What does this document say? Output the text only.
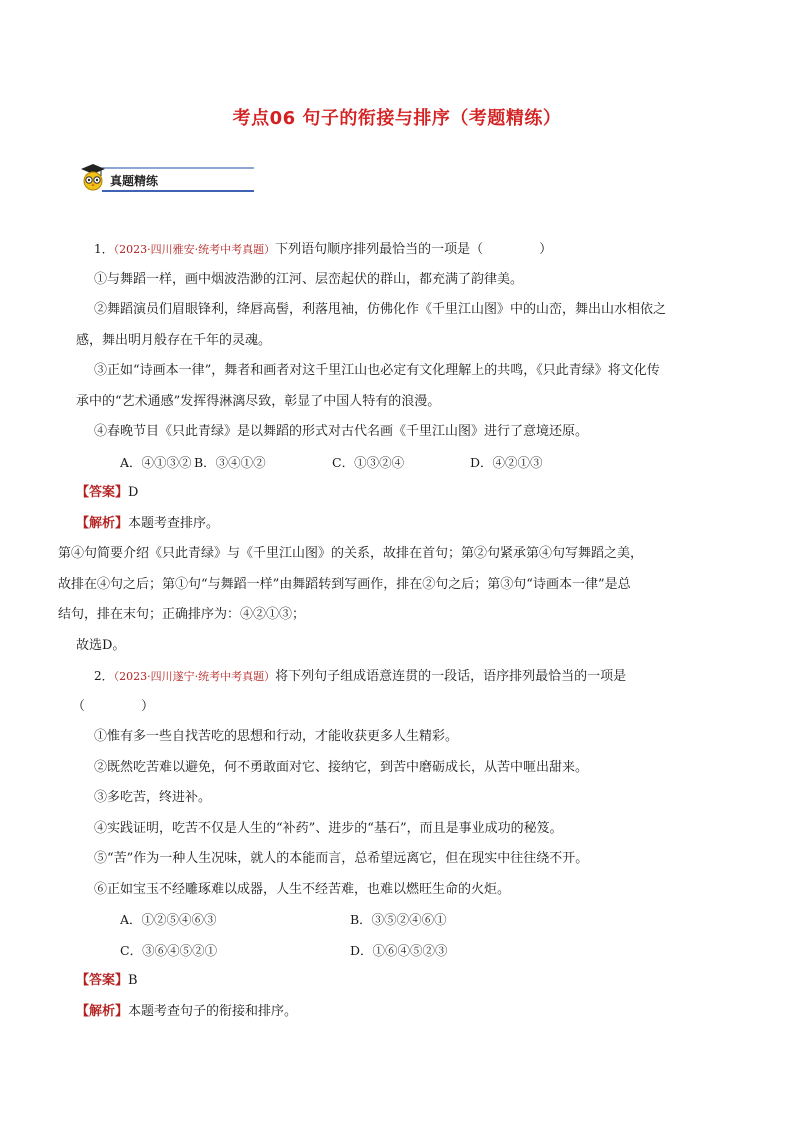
考点06 句子的衔接与排序（考题精练）
真题精练
1．（2023·四川雅安·统考中考真题）下列语句顺序排列最恰当的一项是（	）
①与舞蹈一样，画中烟波浩渺的江河、层峦起伏的群山，都充满了韵律美。
②舞蹈演员们眉眼锋利，绛唇高髻，利落甩袖，仿佛化作《千里江山图》中的山峦，舞出山水相依之
感，舞出明月般存在千年的灵魂。
③正如“诗画本一律”，舞者和画者对这千里江山也必定有文化理解上的共鸣，《只此青绿》将文化传
承中的“艺术通感”发挥得淋漓尽致，彰显了中国人特有的浪漫。
④春晚节目《只此青绿》是以舞蹈的形式对古代名画《千里江山图》进行了意境还原。
A．④①③② B．③④①②	C．①③②④	D．④②①③
【答案】D
【解析】本题考查排序。
第④句简要介绍《只此青绿》与《千里江山图》的关系，故排在首句；第②句紧承第④句写舞蹈之美，
故排在④句之后；第①句“与舞蹈一样”由舞蹈转到写画作，排在②句之后；第③句“诗画本一律”是总
结句，排在末句；正确排序为：④②①③；
故选D。
2．（2023·四川遂宁·统考中考真题）将下列句子组成语意连贯的一段话，语序排列最恰当的一项是
（	）
①惟有多一些自找苦吃的思想和行动，才能收获更多人生精彩。
②既然吃苦难以避免，何不勇敢面对它、接纳它，到苦中磨砺成长，从苦中咂出甜来。
③多吃苦，终进补。
④实践证明，吃苦不仅是人生的“补药”、进步的“基石”，而且是事业成功的秘笈。
⑤“苦”作为一种人生况味，就人的本能而言，总希望远离它，但在现实中往往绕不开。
⑥正如宝玉不经雕琢难以成器，人生不经苦难，也难以燃旺生命的火炬。
A．①②⑤④⑥③	B．③⑤②④⑥①
C．③⑥④⑤②①	D．①⑥④⑤②③
【答案】B
【解析】本题考查句子的衔接和排序。
